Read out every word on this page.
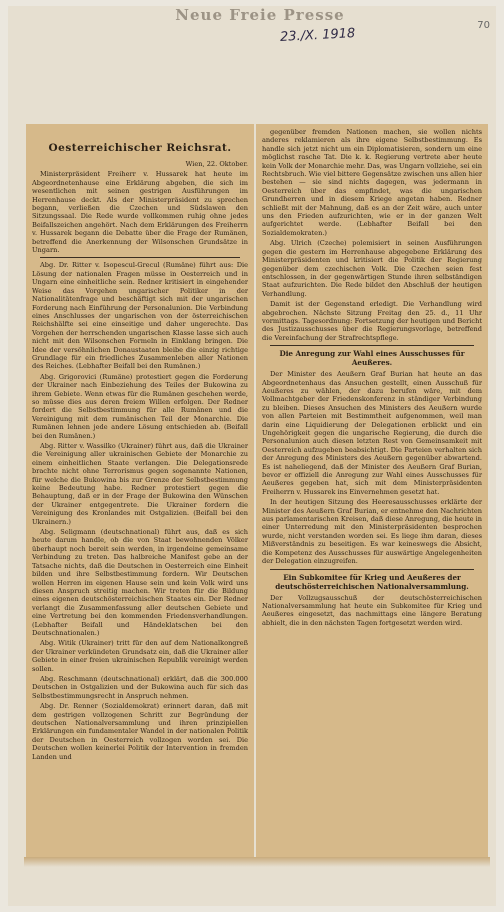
Neue Freie Presse
23./X. 1918
70
Oesterreichischer Reichsrat.
Wien, 22. Oktober.

Ministerpräsident Freiherr v. Hussarek hat heute im Abgeordnetenhause eine Erklärung abgeben, die sich im wesentlichen mit seinen gestrigen Ausführungen im Herrenhause deckt. Als der Ministerpräsident zu sprechen begann, verließen die Czechen und Südslawen den Sitzungssaal. Die Rede wurde vollkommen ruhig ohne jedes Beifallszeichen angehört. Nach dem Erklärungen des Freiherrn v. Hussarek begann die Debatte über die Frage der Rumänen, betreffend die Anerkennung der Wilsonschen Grundsätze in Ungarn.

Abg. Dr. Ritter v. Isopescul-Grecul (Rumäne) führt aus: Die Lösung der nationalen Fragen müsse in Oesterreich und in Ungarn eine einheitliche sein. Redner kritisiert in eingehender Weise das Vorgehen ungarischer Politiker in der Nationalitätenfrage und beschäftigt sich mit der ungarischen Forderung nach Einführung der Personalunion. Die Verbindung eines Anschlusses der ungarischen von der österreichischen Reichshälfte sei eine einseitige und daher ungerechte. Das Vorgehen der herrschenden ungarischen Klasse lasse sich auch nicht mit den Wilsonschen Formeln in Einklang bringen. Die Idee der versöhnlichen Donaustaaten bleibe die einzig richtige Grundlage für ein friedliches Zusammenleben aller Nationen des Reiches. (Lebhafter Beifall bei den Rumänen.)

Abg. Grigorovici (Rumäne) protestiert gegen die Forderung der Ukrainer nach Einbeziehung des Teiles der Bukowina zu ihrem Gebiete. Wenn etwas für die Rumänen geschehen werde, so müsse dies aus deren freiem Willen erfolgen. Der Redner fordert die Selbstbestimmung für alle Rumänen und die Vereinigung mit dem rumänischen Teil der Monarchie. Die Rumänen lehnen jede andere Lösung entschieden ab. (Beifall bei den Rumänen.)

Abg. Ritter v. Wassilko (Ukrainer) führt aus, daß die Ukrainer die Vereinigung aller ukrainischen Gebiete der Monarchie zu einem einheitlichen Staate verlangen. Die Delegationsrede brachte nicht ohne Terrorismus gegen sogenannte Nationen, für welche die Bukowina bis zur Grenze der Selbstbestimmung keine Bedeutung habe. Redner protestiert gegen die Behauptung, daß er in der Frage der Bukowina den Wünschen der Ukrainer entgegentrete. Die Ukrainer fordern die Vereinigung des Kronlandes mit Ostgalizien. (Beifall bei den Ukrainern.)

Abg. Seligmann (deutschnational) führt aus, daß es sich heute darum handle, ob die von Staat bewohnenden Völker überhaupt noch bereit sein werden, in irgendeine gemeinsame Verbindung zu treten. Das halbreiche Manifest gebe an der Tatsache nichts, daß die Deutschen in Oesterreich eine Einheit bilden und ihre Selbstbestimmung fordern. Wir Deutschen wollen Herren im eigenen Hause sein und kein Volk wird uns diesen Anspruch streitig machen. Wir treten für die Bildung eines eigenen deutschösterreichischen Staates ein. Der Redner verlangt die Zusammenfassung aller deutschen Gebiete und eine Vertretung bei den kommenden Friedensverhandlungen. (Lebhafter Beifall und Händeklatschen bei den Deutschnationalen.)

Abg. Witik (Ukrainer) tritt für den auf dem Nationalkongreß der Ukrainer verkündeten Grundsatz ein, daß die Ukrainer aller Gebiete in einer freien ukrainischen Republik vereinigt werden sollen.

Abg. Reschmann (deutschnational) erklärt, daß die 300.000 Deutschen in Ostgalizien und der Bukowina auch für sich das Selbstbestimmungsrecht in Anspruch nehmen.

Abg. Dr. Renner (Sozialdemokrat) erinnert daran, daß mit dem gestrigen vollzogenen Schritt zur Begründung der deutschen Nationalversammlung und ihren prinzipiellen Erklärungen ein fundamentaler Wandel in der nationalen Politik der Deutschen in Oesterreich vollzogen worden sei. Die Deutschen wollen keinerlei Politik der Intervention in fremden Landen und

gegenüber fremden Nationen machen, sie wollen nichts anderes reklamieren als ihre eigene Selbstbestimmung. Es handle sich jetzt nicht um ein Diplomatisieren, sondern um eine möglichst rasche Tat. Die k. k. Regierung vertrete aber heute kein Volk der Monarchie mehr. Das, was Ungarn vollziehe, sei ein Rechtsbruch. Wie viel bittere Gegensätze zwischen uns allen hier bestehen — sie sind nichts dagegen, was jedermann in Oesterreich über das empfindet, was die ungarischen Grundherren und in diesem Kriege angetan haben. Redner schließt mit der Mahnung, daß es an der Zeit wäre, auch unter uns den Frieden aufzurichten, wie er in der ganzen Welt aufgerichtet werde. (Lebhafter Beifall bei den Sozialdemokraten.)

Abg. Ulrich (Czeche) polemisiert in seinen Ausführungen gegen die gestern im Herrenhause abgegebene Erklärung des Ministerpräsidenten und kritisiert die Politik der Regierung gegenüber dem czechischen Volk. Die Czechen seien fest entschlossen, in der gegenwärtigen Stunde ihren selbständigen Staat aufzurichten. Die Rede bildet den Abschluß der heutigen Verhandlung.

Damit ist der Gegenstand erledigt. Die Verhandlung wird abgebrochen. Nächste Sitzung Freitag den 25. d., 11 Uhr vormittags. Tagesordnung: Fortsetzung der heutigen und Bericht des Justizausschusses über die Regierungsvorlage, betreffend die Vereinfachung der Strafrechtspflege.

Die Anregung zur Wahl eines Ausschusses für Aeußeres.

Der Minister des Aeußern Graf Burian hat heute an das Abgeordnetenhaus das Ansuchen gestellt, einen Ausschuß für Aeußeres zu wählen, der dazu berufen wäre, mit dem Vollmachtgeber der Friedenskonferenz in ständiger Verbindung zu bleiben. Dieses Ansuchen des Ministers des Aeußern wurde von allen Parteien mit Bestimmtheit aufgenommen, weil man darin eine Liquidierung der Delegationen erblickt und ein Ungehörigkeit gegen die ungarische Regierung, die durch die Personalunion auch diesen letzten Rest von Gemeinsamkeit mit Oesterreich aufzugeben beabsichtigt. Die Parteien verhalten sich der Anregung des Ministers des Aeußern gegenüber abwartend. Es ist naheliegend, daß der Minister des Aeußern Graf Burian, bevor er offiziell die Anregung zur Wahl eines Ausschusses für Aeußeres gegeben hat, sich mit dem Ministerpräsidenten Freiherrn v. Hussarek ins Einvernehmen gesetzt hat.

In der heutigen Sitzung des Heeresausschusses erklärte der Minister des Aeußern Graf Burian, er entnehme den Nachrichten aus parlamentarischen Kreisen, daß diese Anregung, die heute in einer Unterredung mit den Ministerpräsidenten besprochen wurde, nicht verstanden worden sei. Es liege ihm daran, dieses Mißverständnis zu beseitigen. Es war keineswegs die Absicht, die Kompetenz des Ausschusses für auswärtige Angelegenheiten der Delegation einzugreifen.

Ein Subkomitee für Krieg und Aeußeres der deutschösterreichischen Nationalversammlung.

Der Vollzugsausschuß der deutschösterreichischen Nationalversammlung hat heute ein Subkomitee für Krieg und Aeußeres eingesetzt, das nachmittags eine längere Beratung abhielt, die in den nächsten Tagen fortgesetzt werden wird.
